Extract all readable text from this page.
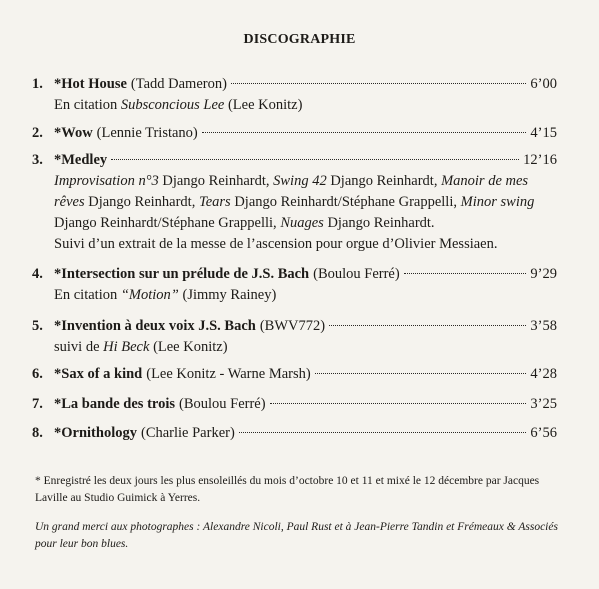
DISCOGRAPHIE
1. *Hot House (Tadd Dameron)	6’00
En citation Subsconcious Lee (Lee Konitz)
2. *Wow (Lennie Tristano)	4’15
3. *Medley	12’16
Improvisation n°3 Django Reinhardt, Swing 42 Django Reinhardt, Manoir de mes
rêves Django Reinhardt, Tears Django Reinhardt/Stéphane Grappelli, Minor swing
Django Reinhardt/Stéphane Grappelli, Nuages Django Reinhardt.
Suivi d’un extrait de la messe de l’ascension pour orgue d’Olivier Messiaen.
4. *Intersection sur un prélude de J.S. Bach (Boulou Ferré)	9’29
En citation “Motion” (Jimmy Rainey)
5. *Invention à deux voix J.S. Bach (BWV772)	3’58
suivi de Hi Beck (Lee Konitz)
6. *Sax of a kind (Lee Konitz - Warne Marsh)	4’28
7. *La bande des trois (Boulou Ferré)	3’25
8. *Ornithology (Charlie Parker)	6’56
* Enregistré les deux jours les plus ensoleillés du mois d’octobre 10 et 11 et mixé le 12 décembre par Jacques Laville au Studio Guimick à Yerres.
Un grand merci aux photographes : Alexandre Nicoli, Paul Rust et à Jean-Pierre Tandin et Frémeaux & Associés pour leur bon blues.
